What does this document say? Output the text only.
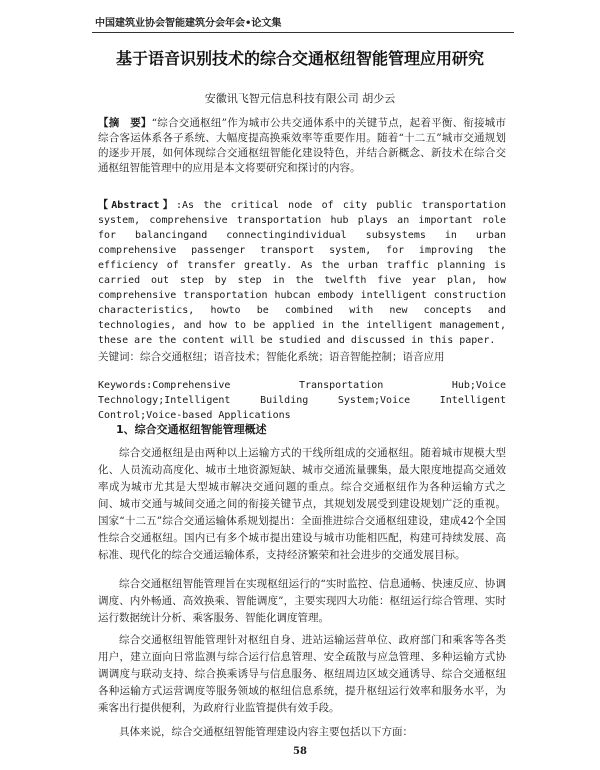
中国建筑业协会智能建筑分会年会•论文集
基于语音识别技术的综合交通枢纽智能管理应用研究
安徽讯飞智元信息科技有限公司 胡少云
【摘　要】“综合交通枢纽”作为城市公共交通体系中的关键节点，起着平衡、衔接城市综合客运体系各子系统、大幅度提高换乘效率等重要作用。随着“十二五”城市交通规划的逐步开展，如何体现综合交通枢纽智能化建设特色，并结合新概念、新技术在综合交通枢纽智能管理中的应用是本文将要研究和探讨的内容。
【Abstract】:As the critical node of city public transportation system, comprehensive transportation hub plays an important role for balancingand connectingindividual subsystems in urban comprehensive passenger transport system, for improving the efficiency of transfer greatly. As the urban traffic planning is carried out step by step in the twelfth five year plan, how comprehensive transportation hubcan embody intelligent construction characteristics, howto be combined with new concepts and technologies, and how to be applied in the intelligent management, these are the content will be studied and discussed in this paper.
关键词：综合交通枢纽；语音技术；智能化系统；语音智能控制；语音应用
Keywords:Comprehensive Transportation Hub;Voice Technology;Intelligent Building System;Voice Intelligent Control;Voice-based Applications
1、综合交通枢纽智能管理概述
综合交通枢纽是由两种以上运输方式的干线所组成的交通枢纽。随着城市规模大型化、人员流动高度化、城市土地资源短缺、城市交通流量骤集，最大限度地提高交通效率成为城市尤其是大型城市解决交通问题的重点。综合交通枢纽作为各种运输方式之间、城市交通与城间交通之间的衔接关键节点，其规划发展受到建设规划广泛的重视。国家“十二五”综合交通运输体系规划提出：全面推进综合交通枢纽建设，建成42个全国性综合交通枢纽。国内已有多个城市提出建设与城市功能相匹配，构建可持续发展、高标准、现代化的综合交通运输体系，支持经济繁荣和社会进步的交通发展目标。
综合交通枢纽智能管理旨在实现枢纽运行的“实时监控、信息通畅、快速反应、协调调度、内外畅通、高效换乘、智能调度”，主要实现四大功能：枢纽运行综合管理、实时运行数据统计分析、乘客服务、智能化调度管理。
综合交通枢纽智能管理针对枢纽自身、进站运输运营单位、政府部门和乘客等各类用户，建立面向日常监测与综合运行信息管理、安全疏散与应急管理、多种运输方式协调调度与联动支持、综合换乘诱导与信息服务、枢纽周边区域交通诱导、综合交通枢纽各种运输方式运营调度等服务领域的枢纽信息系统，提升枢纽运行效率和服务水平，为乘客出行提供便利，为政府行业监管提供有效手段。
具体来说，综合交通枢纽智能管理建设内容主要包括以下方面：
58
